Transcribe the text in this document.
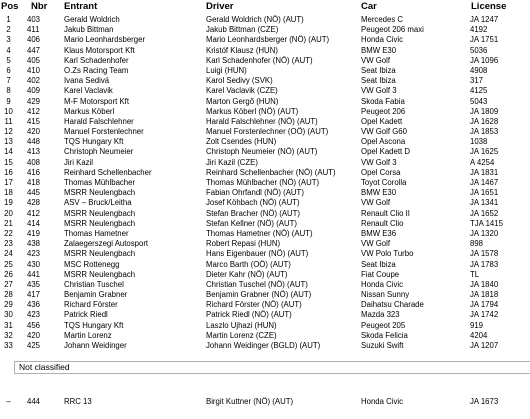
Pos Nbr Entrant	Driver	Car	License
1	403	Gerald Woldrich	Gerald Woldrich (NÖ) (AUT)	Mercedes C	JA 1247
2	411	Jakub Bittman	Jakub Bittman (CZE)	Peugeot 206 maxi	4192
3	406	Mario Leonhardsberger	Mario Leonhardsberger (NÖ) (AUT)	Honda Civic	JA 1751
4	447	Klaus Motorsport Kft	Kristóf Klausz (HUN)	BMW E30	5036
5	405	Karl Schadenhofer	Karl Schadenhofer (NÖ) (AUT)	VW Golf	JA 1096
6	410	O.Zs Racing Team	Luigi (HUN)	Seat Ibiza	4908
7	402	Ivana Sedivá	Karol Sedivy (SVK)	Seat Ibiza	317
8	409	Karel Vaclavik	Karel Vaclavik (CZE)	VW Golf 3	4125
9	429	M-F Motorsport Kft	Marton Gergő (HUN)	Skoda Fabia	5043
10	412	Markus Köberl	Markus Köberl (NÖ) (AUT)	Peugeot 206	JA 1809
11	415	Harald Falschlehner	Harald Falschlehner (NÖ) (AUT)	Opel Kadett	JA 1628
12	420	Manuel Forstenlechner	Manuel Forstenlechner (OÖ) (AUT)	VW Golf G60	JA 1853
13	448	TQS Hungary Kft	Zolt Csendes (HUN)	Opel Ascona	1038
14	413	Christoph Neumeier	Christoph Neumeier (NÖ) (AUT)	Opel Kadett D	JA 1625
15	408	Jiri Kazil	Jiri Kazil (CZE)	VW Golf 3	A 4254
16	416	Reinhard Schellenbacher	Reinhard Schellenbacher (NÖ) (AUT)	Opel Corsa	JA 1831
17	418	Thomas Mühlbacher	Thomas Mühlbacher (NÖ) (AUT)	Toyot Corolla	JA 1467
18	445	MSRR Neulengbach	Fabian Ohrfandl (NÖ) (AUT)	BMW E30	JA 1651
19	428	ASV – Bruck/Leitha	Josef Köhbach (NÖ) (AUT)	VW Golf	JA 1341
20	412	MSRR Neulengbach	Stefan Bracher (NÖ) (AUT)	Renault Clio II	JA 1652
21	414	MSRR Neulengbach	Stefan Kellner (NÖ) (AUT)	Renault Clio	TJA 1415
22	419	Thomas Hametner	Thomas Hametner (NÖ) (AUT)	BMW E36	JA 1320
23	438	Zalaegerszegi Autosport	Robert Repasi (HUN)	VW Golf	898
24	423	MSRR Neulengbach	Hans Eigenbauer (NÖ) (AUT)	VW Polo Turbo	JA 1578
25	430	MSC Rottenegg	Marco Barth (OÖ) (AUT)	Seat Ibiza	JA 1783
26	441	MSRR Neulengbach	Dieter Kahr (NÖ) (AUT)	Fiat Coupe	TL
27	435	Christian Tuschel	Christian Tuschel (NÖ) (AUT)	Honda Civic	JA 1840
28	417	Benjamin Grabner	Benjamin Grabner (NÖ) (AUT)	Nissan Sunny	JA 1818
29	436	Richard Förster	Richard Förster (NÖ) (AUT)	Daihatsu Charade	JA 1794
30	423	Patrick Riedl	Patrick Riedl (NÖ) (AUT)	Mazda 323	JA 1742
31	456	TQS Hungary Kft	Laszlo Ujhazi (HUN)	Peugeot 205	919
32	420	Martin Lorenz	Martin Lorenz (CZE)	Skoda Felicia	4204
33	425	Johann Weidinger	Johann Weidinger (BGLD) (AUT)	Suzuki Swift	JA 1207
Not classified
–	444	RRC 13	Birgit Kuttner (NÖ) (AUT)	Honda Civic	JA 1673
